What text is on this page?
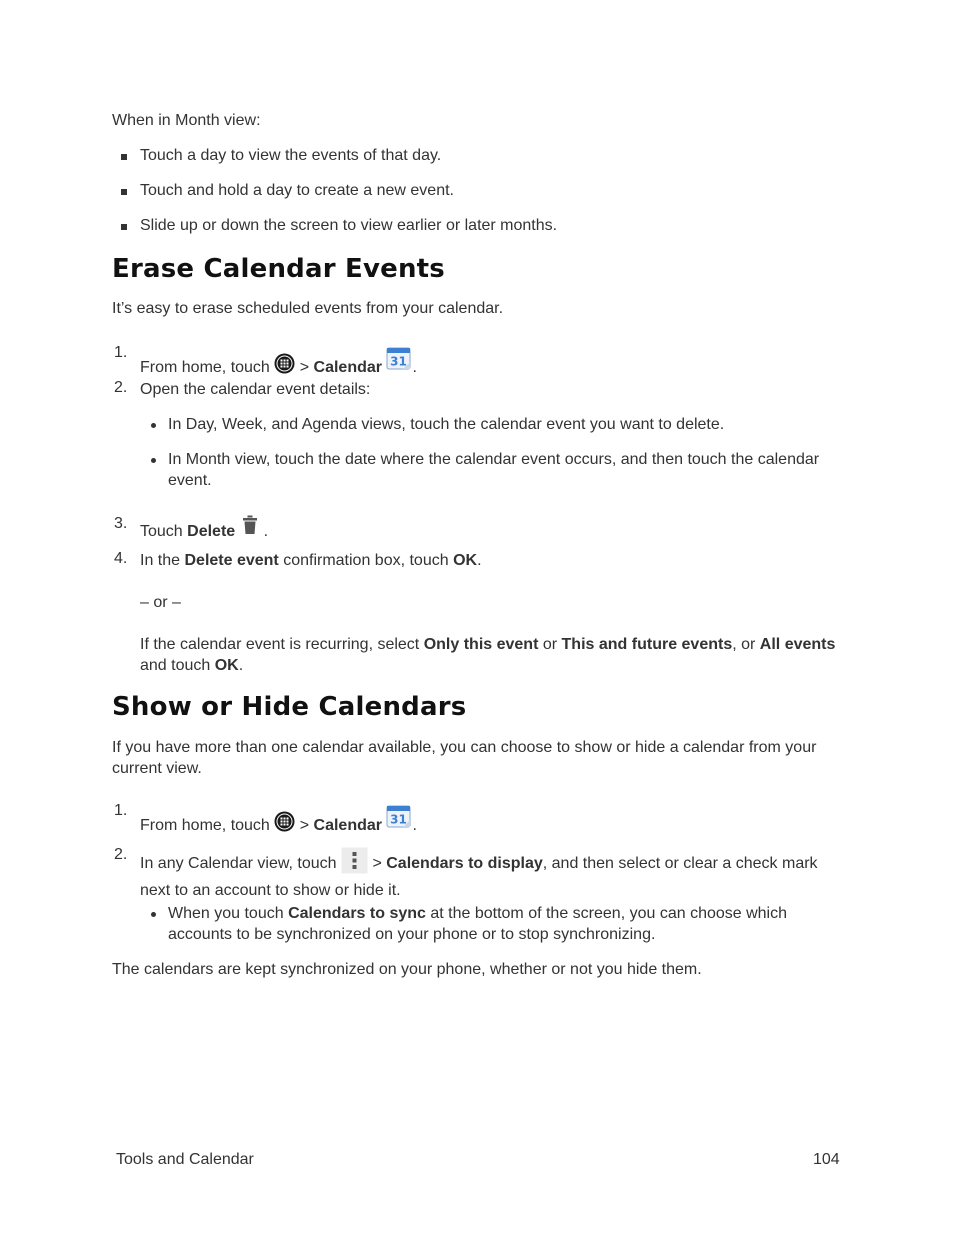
When in Month view:

Touch a day to view the events of that day.

Touch and hold a day to create a new event.

Slide up or down the screen to view earlier or later months.

Erase Calendar Events

It’s easy to erase scheduled events from your calendar.

1.

From home, touch  > Calendar 31 .

2. Open the calendar event details:

In Day, Week, and Agenda views, touch the calendar event you want to delete.

In Month view, touch the date where the calendar event occurs, and then touch the calendar event.

3. Touch Delete .

4. In the Delete event confirmation box, touch OK.

– or –

If the calendar event is recurring, select Only this event or This and future events, or All events and touch OK.

Show or Hide Calendars

If you have more than one calendar available, you can choose to show or hide a calendar from your current view.

1.

From home, touch  > Calendar 31 .

2.

In any Calendar view, touch  > Calendars to display, and then select or clear a check mark next to an account to show or hide it.

When you touch Calendars to sync at the bottom of the screen, you can choose which accounts to be synchronized on your phone or to stop synchronizing.

The calendars are kept synchronized on your phone, whether or not you hide them.

Tools and Calendar	104
